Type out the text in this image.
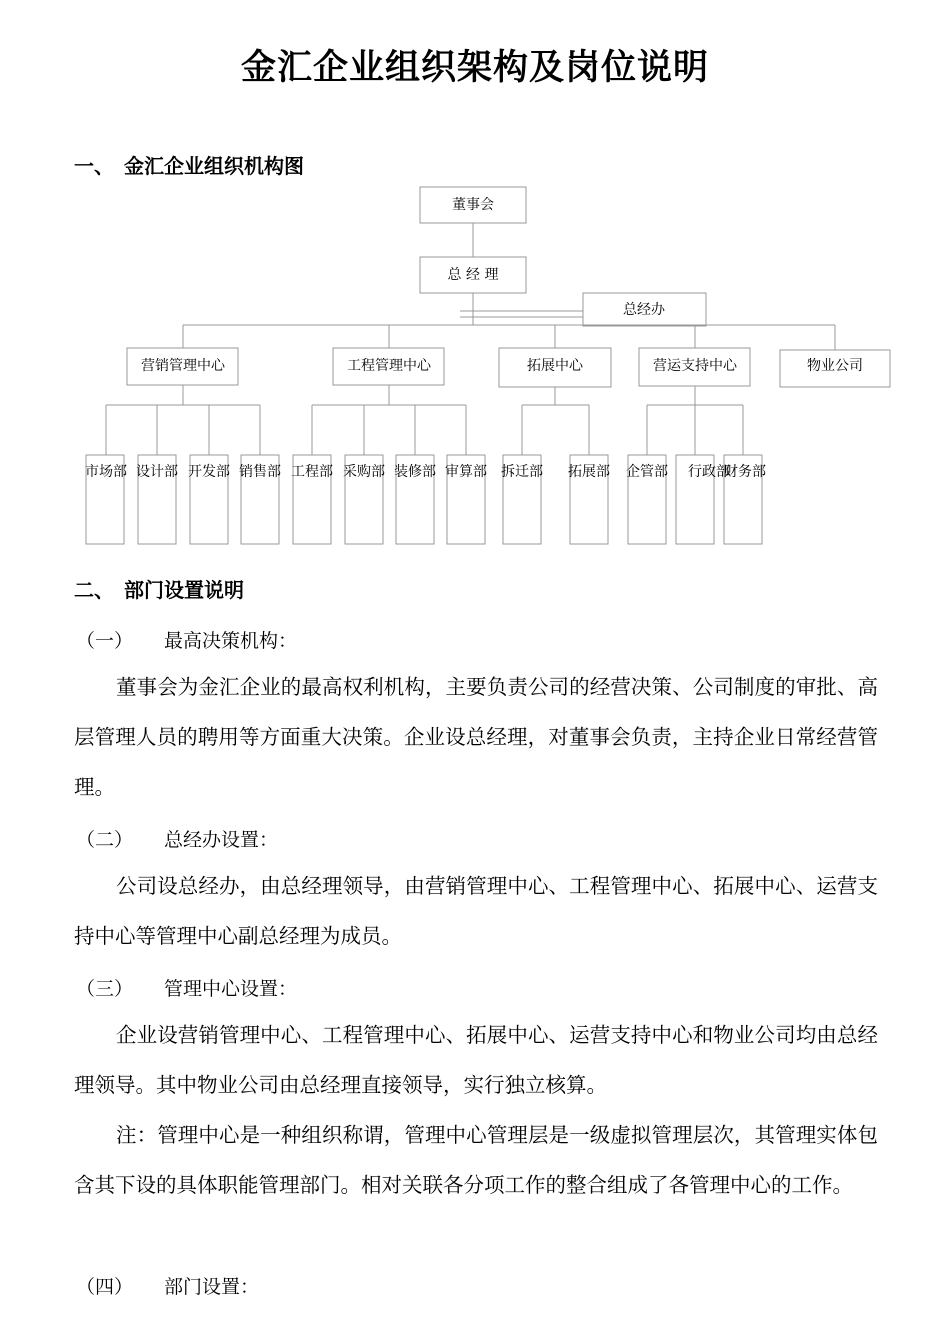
金汇企业组织架构及岗位说明
一、 金汇企业组织机构图
董事会
总 经 理
总经办
营销管理中心	工程管理中心	拓展中心	营运支持中心	物业公司
市场部 设计部 开发部 销售部 工程部 采购部 装修部 审算部 拆迁部 拓展部 企管部 行政部
财务部
二、 部门设置说明
（一） 最高决策机构：
董事会为金汇企业的最高权利机构，主要负责公司的经营决策、公司制度的审批、高层管理人员的聘用等方面重大决策。企业设总经理，对董事会负责，主持企业日常经营管理。
（二） 总经办设置：
公司设总经办，由总经理领导，由营销管理中心、工程管理中心、拓展中心、运营支持中心等管理中心副总经理为成员。
（三） 管理中心设置：
企业设营销管理中心、工程管理中心、拓展中心、运营支持中心和物业公司均由总经理领导。其中物业公司由总经理直接领导，实行独立核算。
注：管理中心是一种组织称谓，管理中心管理层是一级虚拟管理层次，其管理实体包含其下设的具体职能管理部门。相对关联各分项工作的整合组成了各管理中心的工作。
（四） 部门设置：
